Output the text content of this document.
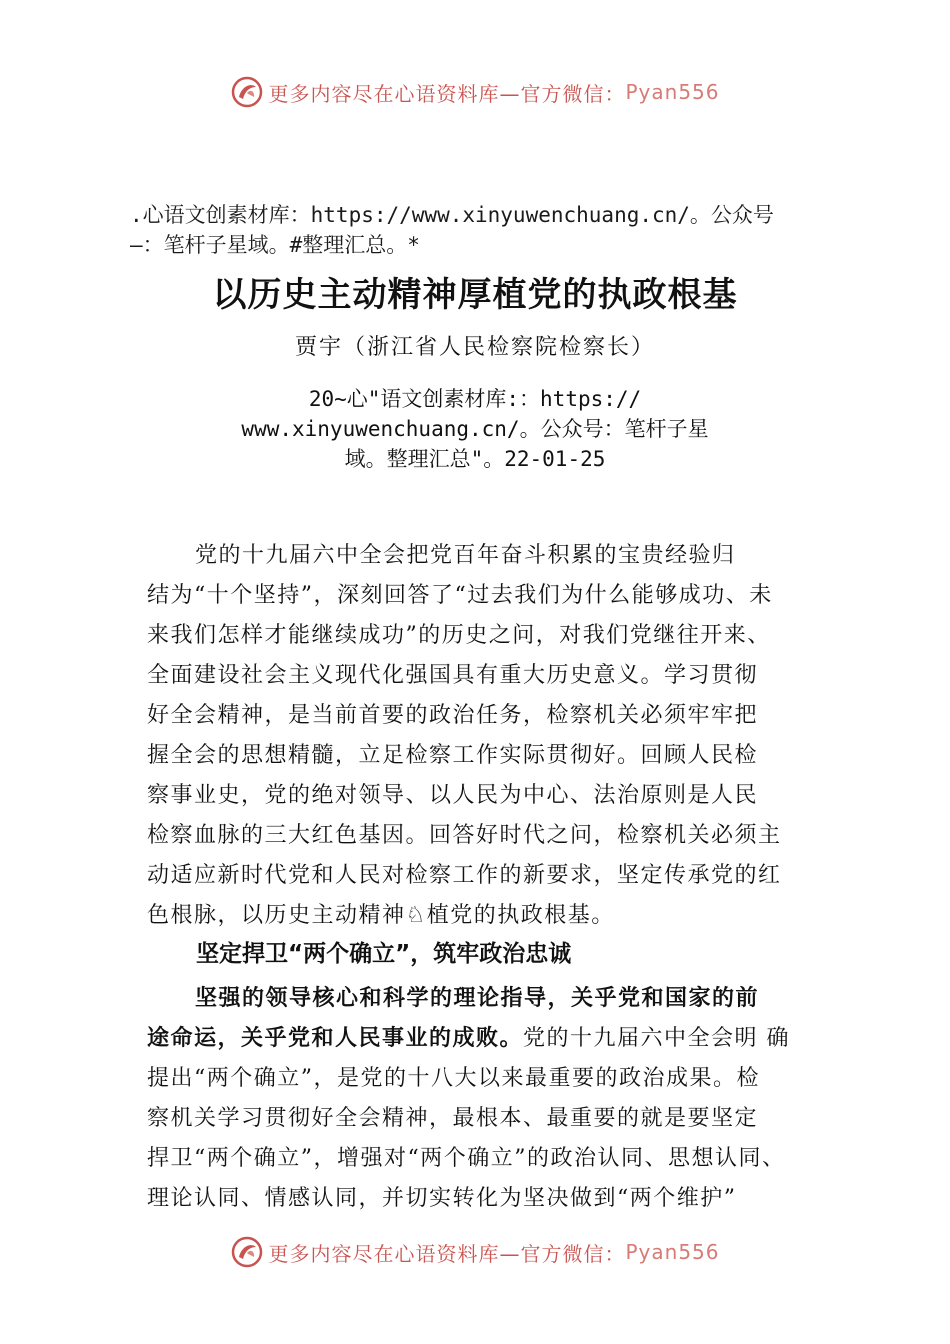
更多内容尽在心语资料库—官方微信： Pyan556
.心语文创素材库：https://www.xinyuwenchuang.cn/。公众号
—：笔杆子星域。#整理汇总。*
以历史主动精神厚植党的执政根基
贾宇（浙江省人民检察院检察长）
20~心"语文创素材库:：https://
www.xinyuwenchuang.cn/。公众号：笔杆子星
域。整理汇总"。22-01-25
党的十九届六中全会把党百年奋斗积累的宝贵经验归
结为“十个坚持”，深刻回答了“过去我们为什么能够成功、未
来我们怎样才能继续成功”的历史之问，对我们党继往开来、
全面建设社会主义现代化强国具有重大历史意义。学习贯彻
好全会精神，是当前首要的政治任务，检察机关必须牢牢把
握全会的思想精髓，立足检察工作实际贯彻好。回顾人民检
察事业史，党的绝对领导、以人民为中心、法治原则是人民
检察血脉的三大红色基因。回答好时代之问，检察机关必须主
动适应新时代党和人民对检察工作的新要求，坚定传承党的红
色根脉，以历史主动精神♘植党的执政根基。
坚定捍卫“两个确立”，筑牢政治忠诚
坚强的领导核心和科学的理论指导，关乎党和国家的前
途命运，关乎党和人民事业的成败。党的十九届六中全会明 确
提出“两个确立”，是党的十八大以来最重要的政治成果。检
察机关学习贯彻好全会精神，最根本、最重要的就是要坚定
捍卫“两个确立”，增强对“两个确立”的政治认同、思想认同、
理论认同、情感认同，并切实转化为坚决做到“两个维护”
更多内容尽在心语资料库—官方微信： Pyan556
